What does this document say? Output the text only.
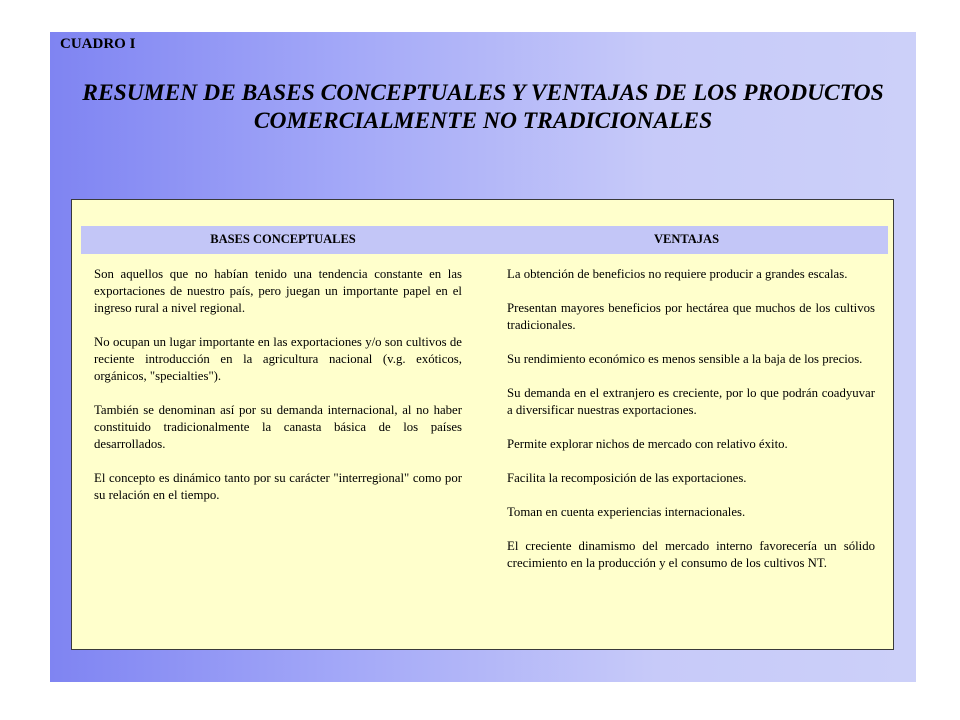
CUADRO I

RESUMEN DE BASES CONCEPTUALES Y VENTAJAS DE LOS PRODUCTOS
COMERCIALMENTE NO TRADICIONALES
BASES CONCEPTUALES	VENTAJAS

Son aquellos que no habían tenido una tendencia constante en las exportaciones de nuestro país, pero juegan un importante papel en el ingreso rural a nivel regional.

No ocupan un lugar importante en las exportaciones y/o son cultivos de reciente introducción en la agricultura nacional (v.g. exóticos, orgánicos, "specialties").

También se denominan así por su demanda internacional, al no haber constituido tradicionalmente la canasta básica de los países desarrollados.

El concepto es dinámico tanto por su carácter "interregional" como por su relación en el tiempo.

La obtención de beneficios no requiere producir a grandes escalas.

Presentan mayores beneficios por hectárea que muchos de los cultivos tradicionales.

Su rendimiento económico es menos sensible a la baja de los precios.

Su demanda en el extranjero es creciente, por lo que podrán coadyuvar a diversificar nuestras exportaciones.

Permite explorar nichos de mercado con relativo éxito.

Facilita la recomposición de las exportaciones.

Toman en cuenta experiencias internacionales.

El creciente dinamismo del mercado interno favorecería un sólido crecimiento en la producción y el consumo de los cultivos NT.
